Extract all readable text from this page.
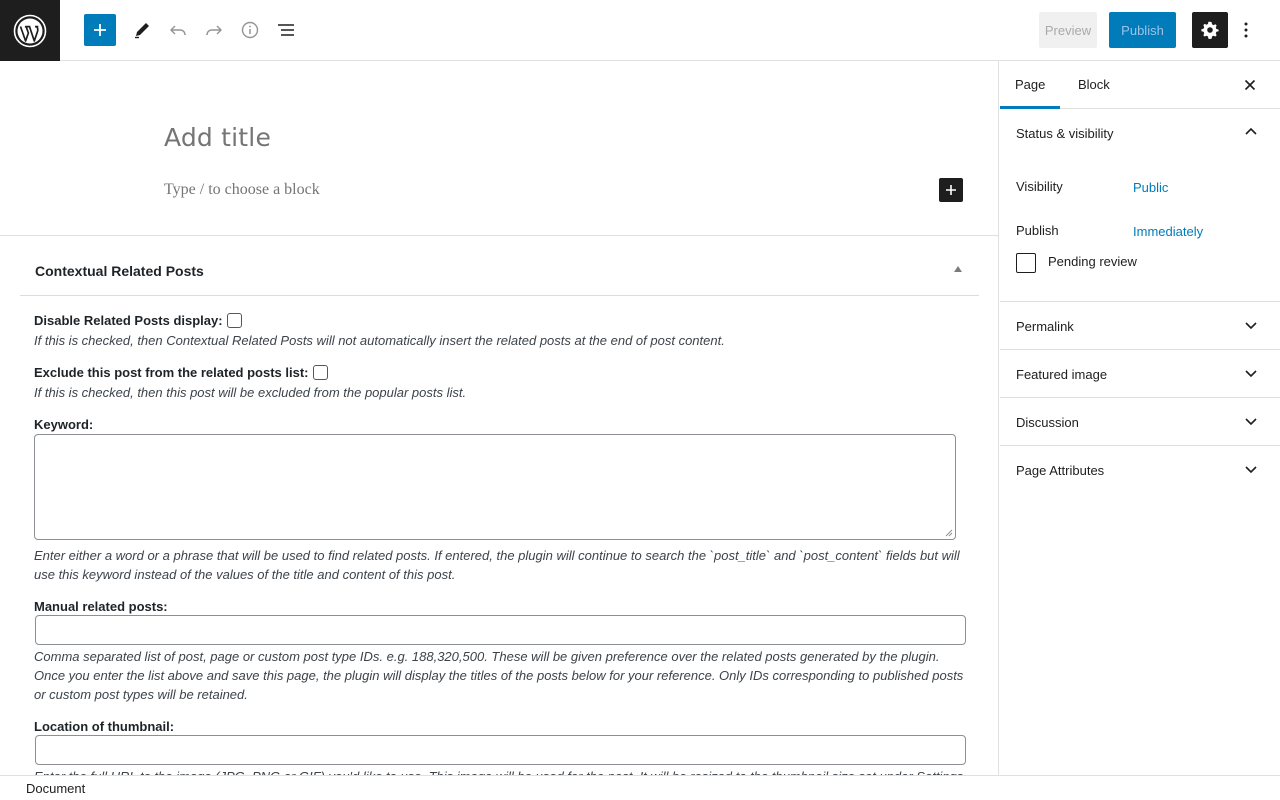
Preview	Publish
Add title
Type / to choose a block
Contextual Related Posts
Disable Related Posts display:
If this is checked, then Contextual Related Posts will not automatically insert the related posts at the end of post content.
Exclude this post from the related posts list:
If this is checked, then this post will be excluded from the popular posts list.
Keyword:
Enter either a word or a phrase that will be used to find related posts. If entered, the plugin will continue to search the `post_title` and `post_content` fields but will use this keyword instead of the values of the title and content of this post.
Manual related posts:
Comma separated list of post, page or custom post type IDs. e.g. 188,320,500. These will be given preference over the related posts generated by the plugin. Once you enter the list above and save this page, the plugin will display the titles of the posts below for your reference. Only IDs corresponding to published posts or custom post types will be retained.
Location of thumbnail:
Page	Block
Status & visibility
Visibility	Public
Publish	Immediately
Pending review
Permalink
Featured image
Discussion
Page Attributes
Document
